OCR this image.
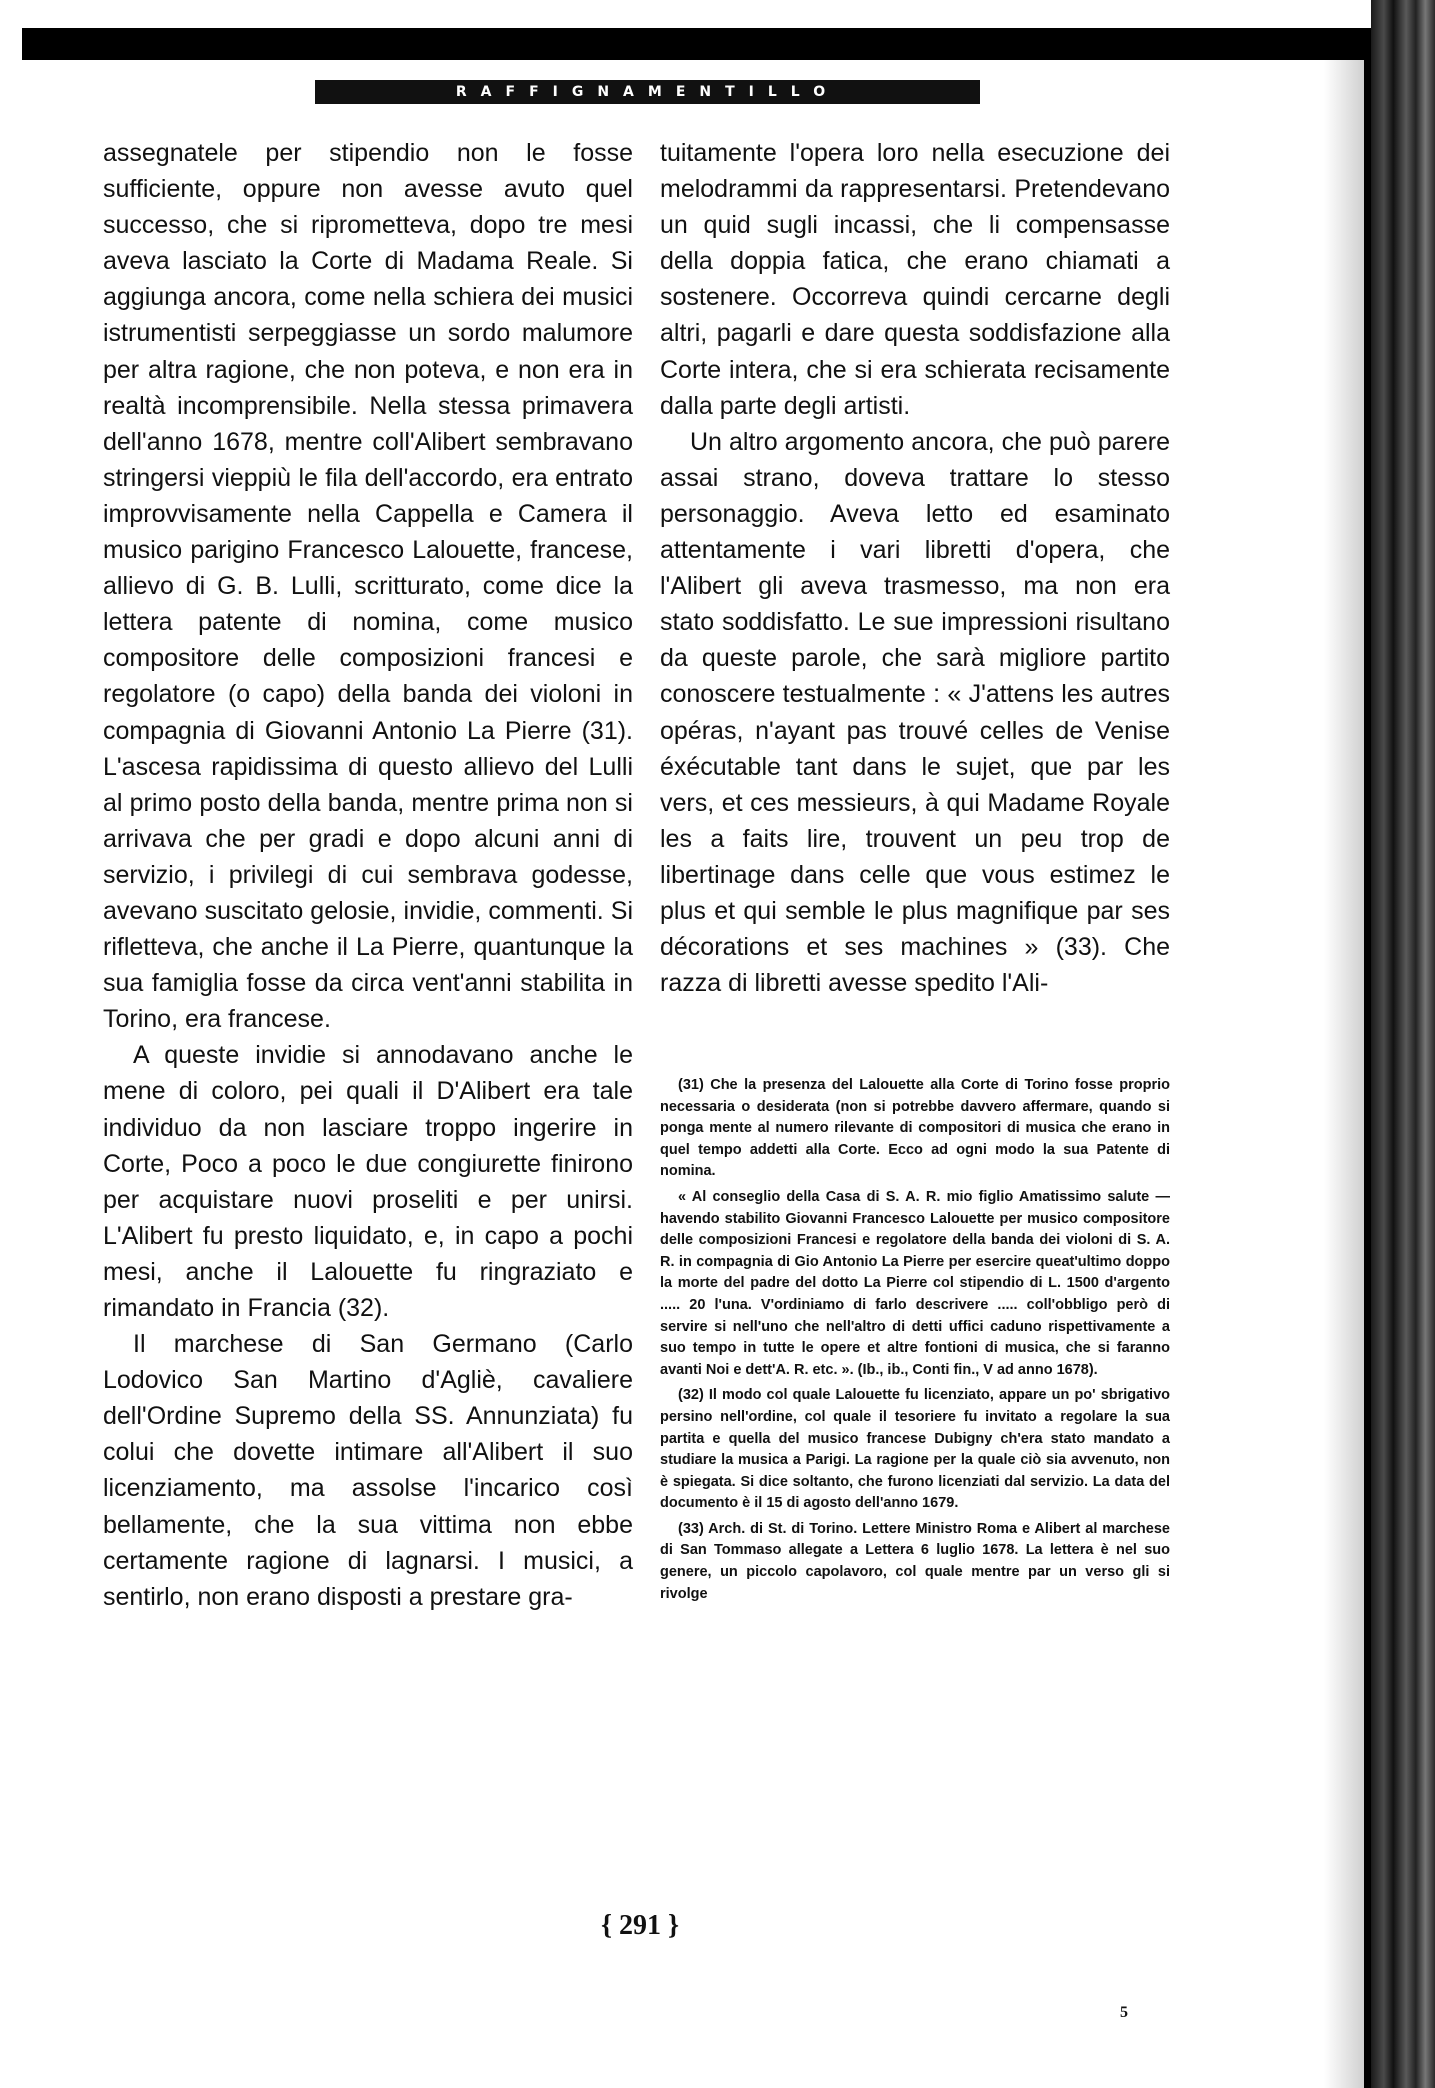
RAFFIGNAMENTILLO

assegnatele per stipendio non le fosse sufficiente, oppure non avesse avuto quel successo, che si riprometteva, dopo tre mesi aveva lasciato la Corte di Madama Reale. Si aggiunga ancora, come nella schiera dei musici istrumentisti serpeggiasse un sordo malumore per altra ragione, che non poteva, e non era in realtà incomprensibile. Nella stessa primavera dell'anno 1678, mentre coll'Alibert sembravano stringersi vieppiù le fila dell'accordo, era entrato improvvisamente nella Cappella e Camera il musico parigino Francesco Lalouette, francese, allievo di G. B. Lulli, scritturato, come dice la lettera patente di nomina, come musico compositore delle composizioni francesi e regolatore (o capo) della banda dei violoni in compagnia di Giovanni Antonio La Pierre (31). L'ascesa rapidissima di questo allievo del Lulli al primo posto della banda, mentre prima non si arrivava che per gradi e dopo alcuni anni di servizio, i privilegi di cui sembrava godesse, avevano suscitato gelosie, invidie, commenti. Si rifletteva, che anche il La Pierre, quantunque la sua famiglia fosse da circa vent'anni stabilita in Torino, era francese.

A queste invidie si annodavano anche le mene di coloro, pei quali il D'Alibert era tale individuo da non lasciare troppo ingerire in Corte, Poco a poco le due congiurette finirono per acquistare nuovi proseliti e per unirsi. L'Alibert fu presto liquidato, e, in capo a pochi mesi, anche il Lalouette fu ringraziato e rimandato in Francia (32).

Il marchese di San Germano (Carlo Lodovico San Martino d'Agliè, cavaliere dell'Ordine Supremo della SS. Annunziata) fu colui che dovette intimare all'Alibert il suo licenziamento, ma assolse l'incarico così bellamente, che la sua vittima non ebbe certamente ragione di lagnarsi. I musici, a sentirlo, non erano disposti a prestare gra-

tuitamente l'opera loro nella esecuzione dei melodrammi da rappresentarsi. Pretendevano un quid sugli incassi, che li compensasse della doppia fatica, che erano chiamati a sostenere. Occorreva quindi cercarne degli altri, pagarli e dare questa soddisfazione alla Corte intera, che si era schierata recisamente dalla parte degli artisti.

Un altro argomento ancora, che può parere assai strano, doveva trattare lo stesso personaggio. Aveva letto ed esaminato attentamente i vari libretti d'opera, che l'Alibert gli aveva trasmesso, ma non era stato soddisfatto. Le sue impressioni risultano da queste parole, che sarà migliore partito conoscere testualmente : « J'attens les autres opéras, n'ayant pas trouvé celles de Venise éxécutable tant dans le sujet, que par les vers, et ces messieurs, à qui Madame Royale les a faits lire, trouvent un peu trop de libertinage dans celle que vous estimez le plus et qui semble le plus magnifique par ses décorations et ses machines » (33). Che razza di libretti avesse spedito l'Ali-

(31) Che la presenza del Lalouette alla Corte di Torino fosse proprio necessaria o desiderata (non si potrebbe davvero affermare, quando si ponga mente al numero rilevante di compositori di musica che erano in quel tempo addetti alla Corte. Ecco ad ogni modo la sua Patente di nomina.

« Al conseglio della Casa di S. A. R. mio figlio Amatissimo salute — havendo stabilito Giovanni Francesco Lalouette per musico compositore delle composizioni Francesi e regolatore della banda dei violoni di S. A. R. in compagnia di Gio Antonio La Pierre per esercire queat'ultimo doppo la morte del padre del dotto La Pierre col stipendio di L. 1500 d'argento ..... 20 l'una. V'ordiniamo di farlo descrivere ..... coll'obbligo però di servire si nell'uno che nell'altro di detti uffici caduno rispettivamente a suo tempo in tutte le opere et altre fontioni di musica, che si faranno avanti Noi e dett'A. R. etc. ». (Ib., ib., Conti fin., V ad anno 1678).

(32) Il modo col quale Lalouette fu licenziato, appare un po' sbrigativo persino nell'ordine, col quale il tesoriere fu invitato a regolare la sua partita e quella del musico francese Dubigny ch'era stato mandato a studiare la musica a Parigi. La ragione per la quale ciò sia avvenuto, non è spiegata. Si dice soltanto, che furono licenziati dal servizio. La data del documento è il 15 di agosto dell'anno 1679.

(33) Arch. di St. di Torino. Lettere Ministro Roma e Alibert al marchese di San Tommaso allegate a Lettera 6 luglio 1678. La lettera è nel suo genere, un piccolo capolavoro, col quale mentre par un verso gli si rivolge

{ 291 }
5
